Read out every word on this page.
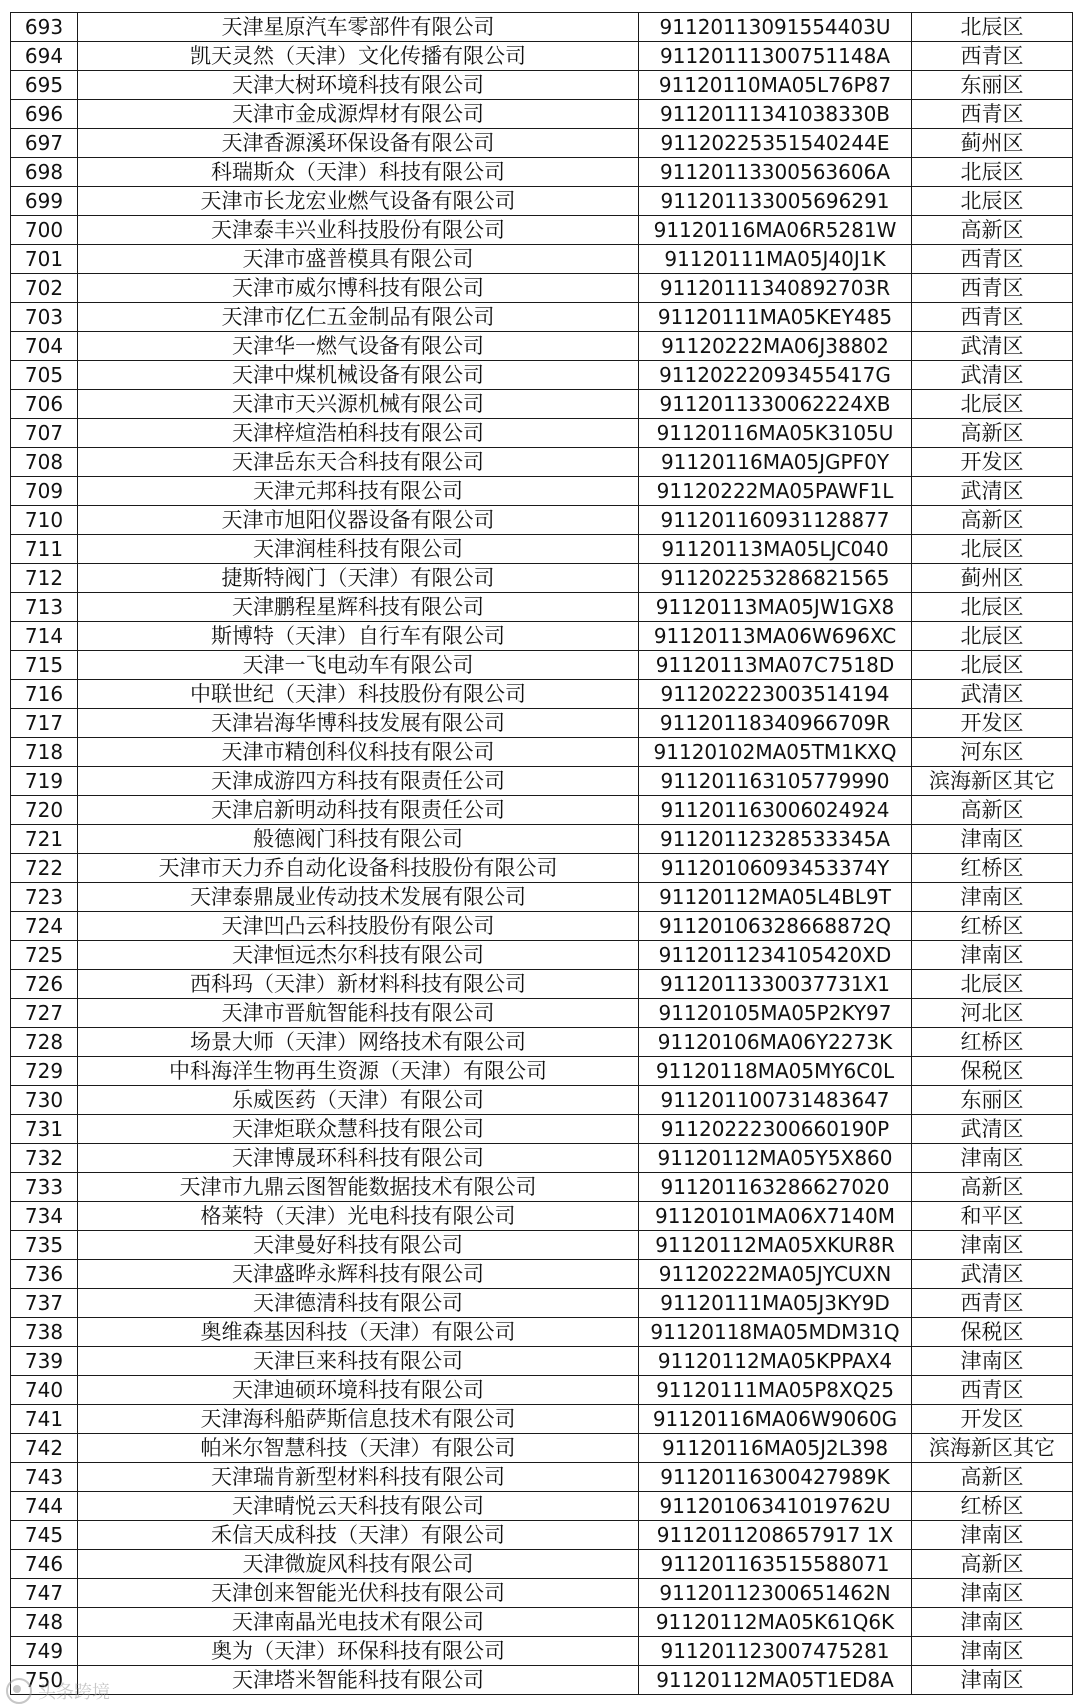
693	天津星原汽车零部件有限公司	91120113091554403U	北辰区
694	凯天灵然（天津）文化传播有限公司	91120111300751148A	西青区
695	天津大树环境科技有限公司	91120110MA05L76P87	东丽区
696	天津市金成源焊材有限公司	91120111341038330B	西青区
697	天津香源溪环保设备有限公司	91120225351540244E	蓟州区
698	科瑞斯众（天津）科技有限公司	91120113300563606A	北辰区
699	天津市长龙宏业燃气设备有限公司	911201133005696291	北辰区
700	天津泰丰兴业科技股份有限公司	91120116MA06R5281W	高新区
701	天津市盛普模具有限公司	91120111MA05J40J1K	西青区
702	天津市威尔博科技有限公司	91120111340892703R	西青区
703	天津市亿仁五金制品有限公司	91120111MA05KEY485	西青区
704	天津华一燃气设备有限公司	91120222MA06J38802	武清区
705	天津中煤机械设备有限公司	91120222093455417G	武清区
706	天津市天兴源机械有限公司	9112011330062224XB	北辰区
707	天津梓煊浩柏科技有限公司	91120116MA05K3105U	高新区
708	天津岳东天合科技有限公司	91120116MA05JGPF0Y	开发区
709	天津元邦科技有限公司	91120222MA05PAWF1L	武清区
710	天津市旭阳仪器设备有限公司	911201160931128877	高新区
711	天津润桂科技有限公司	91120113MA05LJC040	北辰区
712	捷斯特阀门（天津）有限公司	911202253286821565	蓟州区
713	天津鹏程星辉科技有限公司	91120113MA05JW1GX8	北辰区
714	斯博特（天津）自行车有限公司	91120113MA06W696XC	北辰区
715	天津一飞电动车有限公司	91120113MA07C7518D	北辰区
716	中联世纪（天津）科技股份有限公司	911202223003514194	武清区
717	天津岩海华博科技发展有限公司	91120118340966709R	开发区
718	天津市精创科仪科技有限公司	91120102MA05TM1KXQ	河东区
719	天津成游四方科技有限责任公司	911201163105779990	滨海新区其它
720	天津启新明动科技有限责任公司	911201163006024924	高新区
721	般德阀门科技有限公司	91120112328533345A	津南区
722	天津市天力乔自动化设备科技股份有限公司	91120106093453374Y	红桥区
723	天津泰鼎晟业传动技术发展有限公司	91120112MA05L4BL9T	津南区
724	天津凹凸云科技股份有限公司	91120106328668872Q	红桥区
725	天津恒远杰尔科技有限公司	9112011234105420XD	津南区
726	西科玛（天津）新材料科技有限公司	9112011330037731X1	北辰区
727	天津市晋航智能科技有限公司	91120105MA05P2KY97	河北区
728	场景大师（天津）网络技术有限公司	91120106MA06Y2273K	红桥区
729	中科海洋生物再生资源（天津）有限公司	91120118MA05MY6C0L	保税区
730	乐威医药（天津）有限公司	911201100731483647	东丽区
731	天津炬联众慧科技有限公司	91120222300660190P	武清区
732	天津博晟环科科技有限公司	91120112MA05Y5X860	津南区
733	天津市九鼎云图智能数据技术有限公司	911201163286627020	高新区
734	格莱特（天津）光电科技有限公司	91120101MA06X7140M	和平区
735	天津曼好科技有限公司	91120112MA05XKUR8R	津南区
736	天津盛晔永辉科技有限公司	91120222MA05JYCUXN	武清区
737	天津德清科技有限公司	91120111MA05J3KY9D	西青区
738	奥维森基因科技（天津）有限公司	91120118MA05MDM31Q	保税区
739	天津巨来科技有限公司	91120112MA05KPPAX4	津南区
740	天津迪硕环境科技有限公司	91120111MA05P8XQ25	西青区
741	天津海科船萨斯信息技术有限公司	91120116MA06W9060G	开发区
742	帕米尔智慧科技（天津）有限公司	91120116MA05J2L398	滨海新区其它
743	天津瑞肯新型材料科技有限公司	91120116300427989K	高新区
744	天津晴悦云天科技有限公司	91120106341019762U	红桥区
745	禾信天成科技（天津）有限公司	9112011208657917 1X	津南区
746	天津微旋风科技有限公司	911201163515588071	高新区
747	天津创来智能光伏科技有限公司	91120112300651462N	津南区
748	天津南晶光电技术有限公司	91120112MA05K61Q6K	津南区
749	奥为（天津）环保科技有限公司	911201123007475281	津南区
750	天津塔米智能科技有限公司	91120112MA05T1ED8A	津南区
头条跨境
